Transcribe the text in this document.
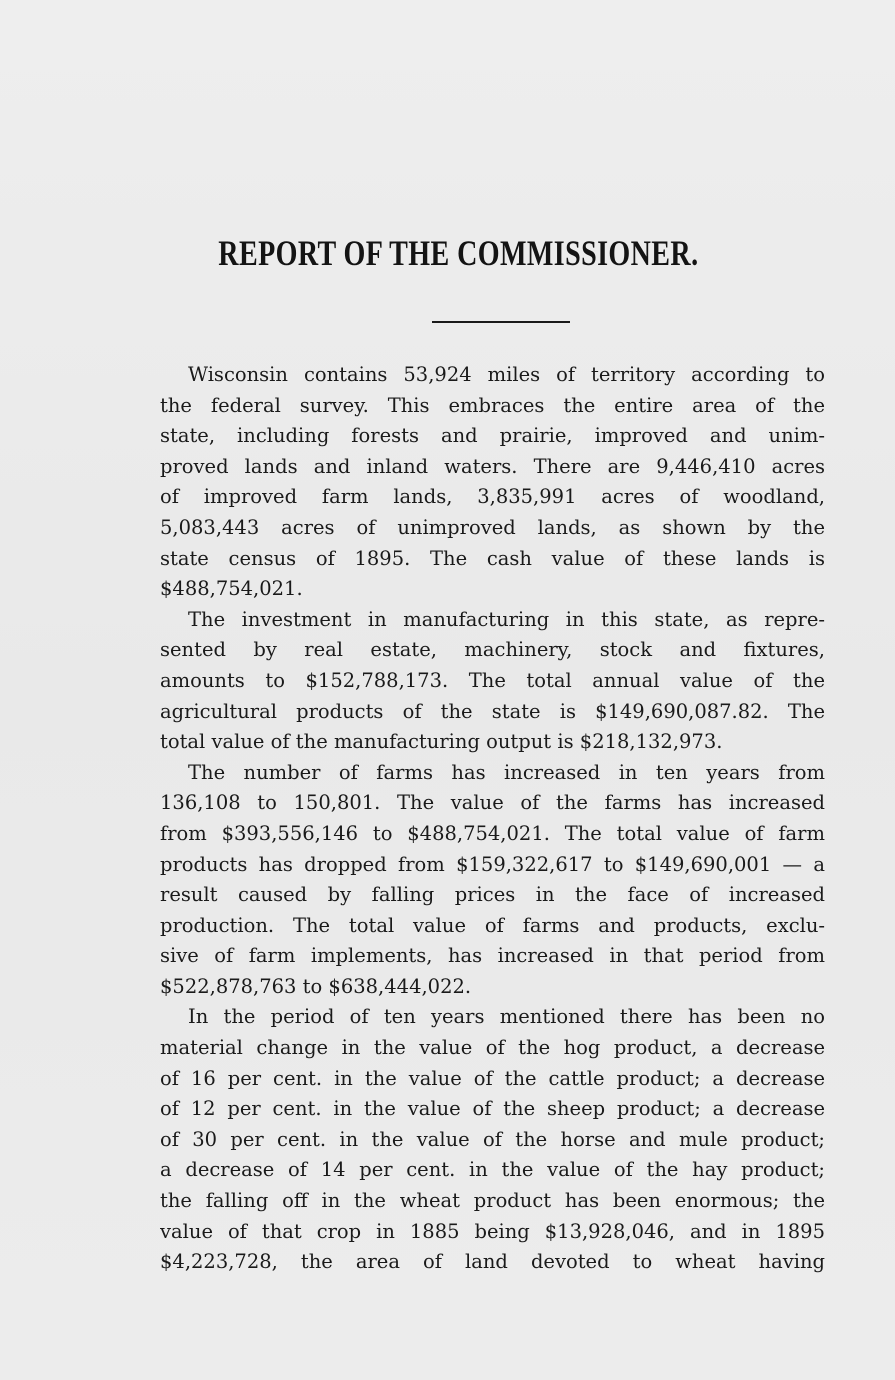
REPORT OF THE COMMISSIONER.
Wisconsin contains 53,924 miles of territory according to
the federal survey. This embraces the entire area of the
state, including forests and prairie, improved and unim-
proved lands and inland waters. There are 9,446,410 acres
of improved farm lands, 3,835,991 acres of woodland,
5,083,443 acres of unimproved lands, as shown by the
state census of 1895. The cash value of these lands is
$488,754,021.
The investment in manufacturing in this state, as repre-
sented by real estate, machinery, stock and fixtures,
amounts to $152,788,173. The total annual value of the
agricultural products of the state is $149,690,087.82. The
total value of the manufacturing output is $218,132,973.
The number of farms has increased in ten years from
136,108 to 150,801. The value of the farms has increased
from $393,556,146 to $488,754,021. The total value of farm
products has dropped from $159,322,617 to $149,690,001 — a
result caused by falling prices in the face of increased
production. The total value of farms and products, exclu-
sive of farm implements, has increased in that period from
$522,878,763 to $638,444,022.
In the period of ten years mentioned there has been no
material change in the value of the hog product, a decrease
of 16 per cent. in the value of the cattle product; a decrease
of 12 per cent. in the value of the sheep product; a decrease
of 30 per cent. in the value of the horse and mule product;
a decrease of 14 per cent. in the value of the hay product;
the falling off in the wheat product has been enormous; the
value of that crop in 1885 being $13,928,046, and in 1895
$4,223,728, the area of land devoted to wheat having
